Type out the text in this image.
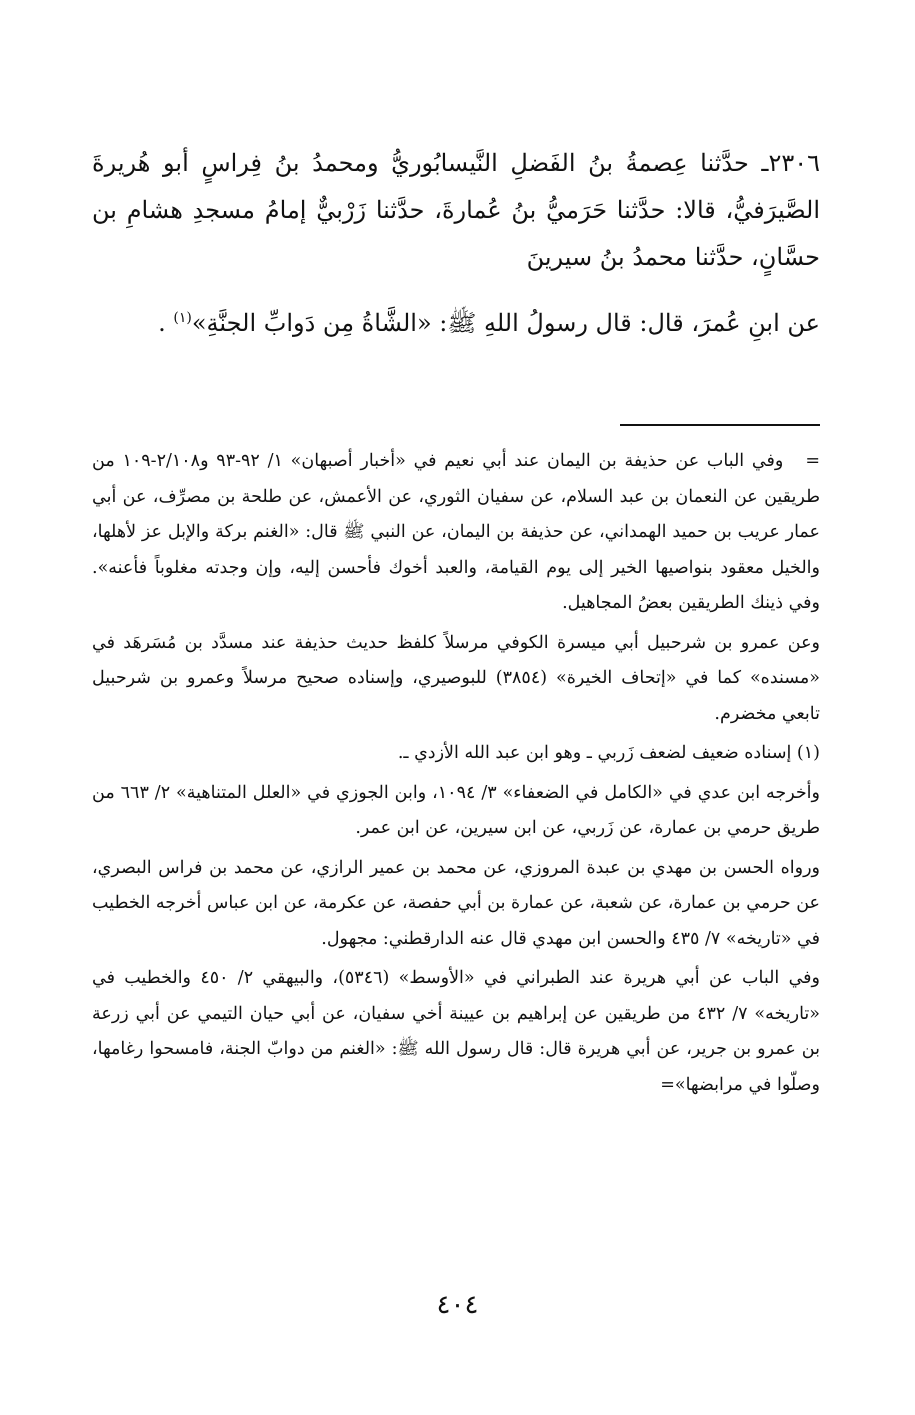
٢٣٠٦ـ حدَّثنا عِصمةُ بنُ الفَضلِ النَّيسابُوريُّ ومحمدُ بنُ فِراسٍ أبو هُريرةَ الصَّيرَفيُّ، قالا: حدَّثنا حَرَميُّ بنُ عُمارةَ، حدَّثنا زَرْبيٌّ إمامُ مسجدِ هشامِ بن حسَّانٍ، حدَّثنا محمدُ بنُ سيرينَ

عن ابنِ عُمرَ، قال: قال رسولُ اللهِ ﷺ: «الشَّاةُ مِن دَوابِّ الجنَّةِ»$^{(١)}$ .

=وفي الباب عن حذيفة بن اليمان عند أبي نعيم في «أخبار أصبهان» ١/ ٩٢-٩٣ و٢/١٠٨-١٠٩ من طريقين عن النعمان بن عبد السلام، عن سفيان الثوري، عن الأعمش، عن طلحة بن مصرِّف، عن أبي عمار عريب بن حميد الهمداني، عن حذيفة بن اليمان، عن النبي ﷺ قال: «الغنم بركة والإبل عز لأهلها، والخيل معقود بنواصيها الخير إلى يوم القيامة، والعبد أخوك فأحسن إليه، وإن وجدته مغلوباً فأعنه». وفي ذينك الطريقين بعضُ المجاهيل.

وعن عمرو بن شرحبيل أبي ميسرة الكوفي مرسلاً كلفظ حديث حذيفة عند مسدَّد بن مُسَرهَد في «مسنده» كما في «إتحاف الخيرة» (٣٨٥٤) للبوصيري، وإسناده صحيح مرسلاً وعمرو بن شرحبيل تابعي مخضرم.

(١) إسناده ضعيف لضعف زَربي ـ وهو ابن عبد الله الأزدي ـ.

وأخرجه ابن عدي في «الكامل في الضعفاء» ٣/ ١٠٩٤، وابن الجوزي في «العلل المتناهية» ٢/ ٦٦٣ من طريق حرمي بن عمارة، عن زَربي، عن ابن سيرين، عن ابن عمر.

ورواه الحسن بن مهدي بن عبدة المروزي، عن محمد بن عمير الرازي، عن محمد بن فراس البصري، عن حرمي بن عمارة، عن شعبة، عن عمارة بن أبي حفصة، عن عكرمة، عن ابن عباس أخرجه الخطيب في «تاريخه» ٧/ ٤٣٥ والحسن ابن مهدي قال عنه الدارقطني: مجهول.

وفي الباب عن أبي هريرة عند الطبراني في «الأوسط» (٥٣٤٦)، والبيهقي ٢/ ٤٥٠ والخطيب في «تاريخه» ٧/ ٤٣٢ من طريقين عن إبراهيم بن عيينة أخي سفيان، عن أبي حيان التيمي عن أبي زرعة بن عمرو بن جرير، عن أبي هريرة قال: قال رسول الله ﷺ: «الغنم من دوابّ الجنة، فامسحوا رغامها، وصلّوا في مرابضها»=

٤٠٤
